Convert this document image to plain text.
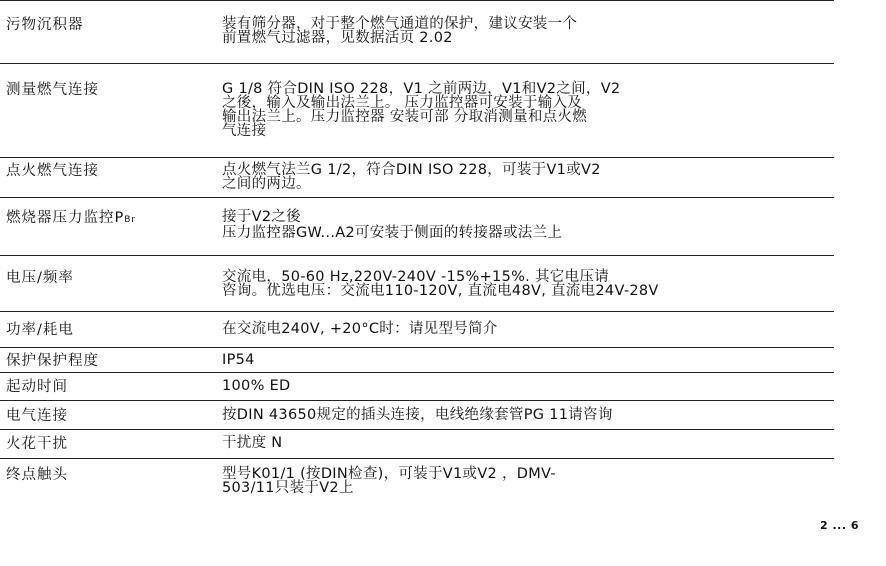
污物沉积器	装有筛分器，对于整个燃气通道的保护，建议安装一个
前置燃气过滤器，见数据活页 2.02
测量燃气连接	G 1/8 符合DIN ISO 228，V1 之前两边，V1和V2之间，V2
之後，输入及输出法兰上。 压力监控器可安装于输入及
输出法兰上。压力监控器 安装可部 分取消测量和点火燃
气连接
点火燃气连接	点火燃气法兰G 1/2，符合DIN ISO 228，可装于V1或V2
之间的两边。
燃烧器压力监控PBr	接于V2之後
压力监控器GW...A2可安装于侧面的转接器或法兰上
电压/频率	交流电，50-60 Hz,220V-240V -15%+15%. 其它电压请
咨询。优选电压：交流电110-120V, 直流电48V, 直流电24V-28V
功率/耗电	在交流电240V, +20°C时：请见型号简介
保护保护程度	IP54
起动时间	100% ED
电气连接	按DIN 43650规定的插头连接，电线绝缘套管PG 11请咨询
火花干扰	干扰度 N
终点触头	型号K01/1 (按DIN检查)，可装于V1或V2 ，DMV-
503/11只装于V2上
2 ... 6
